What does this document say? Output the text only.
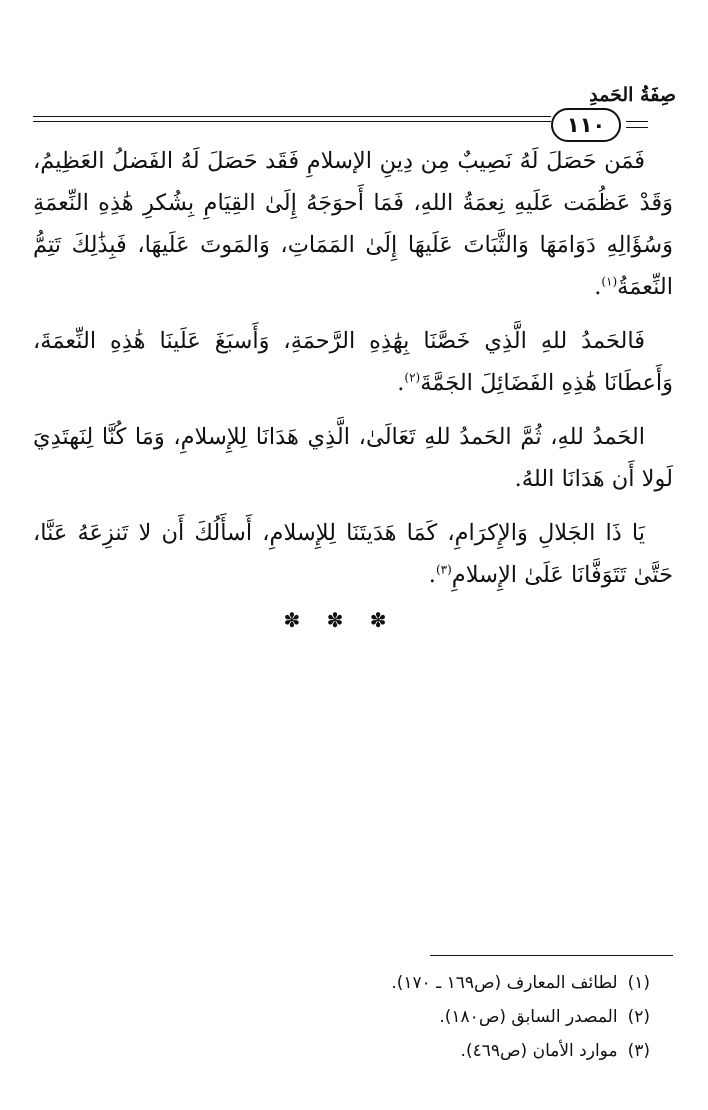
صِفَةُ الحَمدِ
١١٠

فَمَن حَصَلَ لَهُ نَصِيبٌ مِن دِينِ الإسلامِ فَقَد حَصَلَ لَهُ الفَضلُ العَظِيمُ، وَقَدْ عَظُمَت عَلَيهِ نِعمَةُ اللهِ، فَمَا أَحوَجَهُ إِلَىٰ القِيَامِ بِشُكرِ هَٰذِهِ النِّعمَةِ وَسُؤَالِهِ دَوَامَهَا وَالثَّبَاتَ عَلَيهَا إِلَىٰ المَمَاتِ، وَالمَوتَ عَلَيهَا، فَبِذَٰلِكَ تَتِمُّ النِّعمَةُ$^{(١)}$.

فَالحَمدُ للهِ الَّذِي خَصَّنَا بِهَٰذِهِ الرَّحمَةِ، وَأَسبَغَ عَلَينَا هَٰذِهِ النِّعمَةَ، وَأَعطَانَا هَٰذِهِ الفَضَائِلَ الجَمَّةَ$^{(٢)}$.

الحَمدُ للهِ، ثُمَّ الحَمدُ للهِ تَعَالَىٰ، الَّذِي هَدَانَا لِلإِسلامِ، وَمَا كُنَّا لِنَهتَدِيَ لَولا أَن هَدَانَا اللهُ.

يَا ذَا الجَلالِ وَالإِكرَامِ، كَمَا هَدَيتَنَا لِلإِسلامِ، أَسأَلُكَ أَن لا تَنزِعَهُ عَنَّا، حَتَّىٰ تَتَوَفَّانَا عَلَىٰ الإِسلامِ$^{(٣)}$.

✽ ✽ ✽
(١)لطائف المعارف (ص١٦٩ ـ ١٧٠).
(٢)المصدر السابق (ص١٨٠).
(٣)موارد الأمان (ص٤٦٩).
